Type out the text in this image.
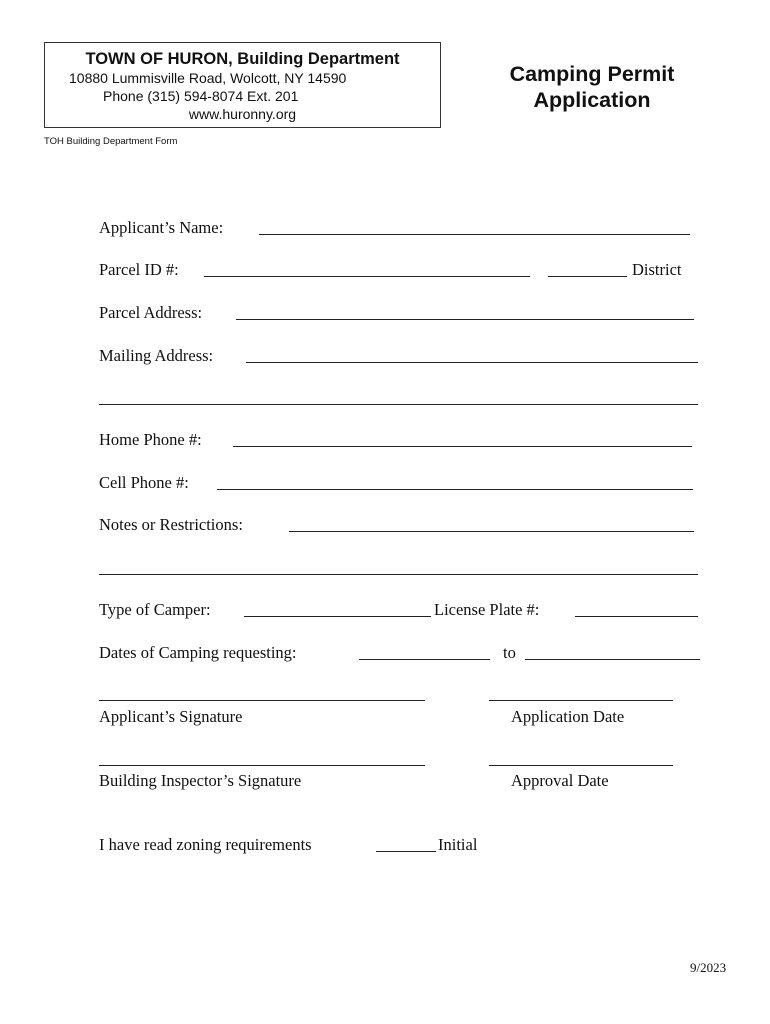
TOWN OF HURON, Building Department
10880 Lummisville Road, Wolcott, NY 14590
Phone (315) 594-8074 Ext. 201
www.huronny.org
Camping Permit
Application
TOH Building Department Form
Applicant’s Name:
Parcel ID #:	District
Parcel Address:
Mailing Address:
Home Phone #:
Cell Phone #:
Notes or Restrictions:
Type of Camper:	License Plate #:
Dates of Camping requesting:	to
Applicant’s Signature	Application Date
Building Inspector’s Signature	Approval Date
I have read zoning requirements	Initial
9/2023
